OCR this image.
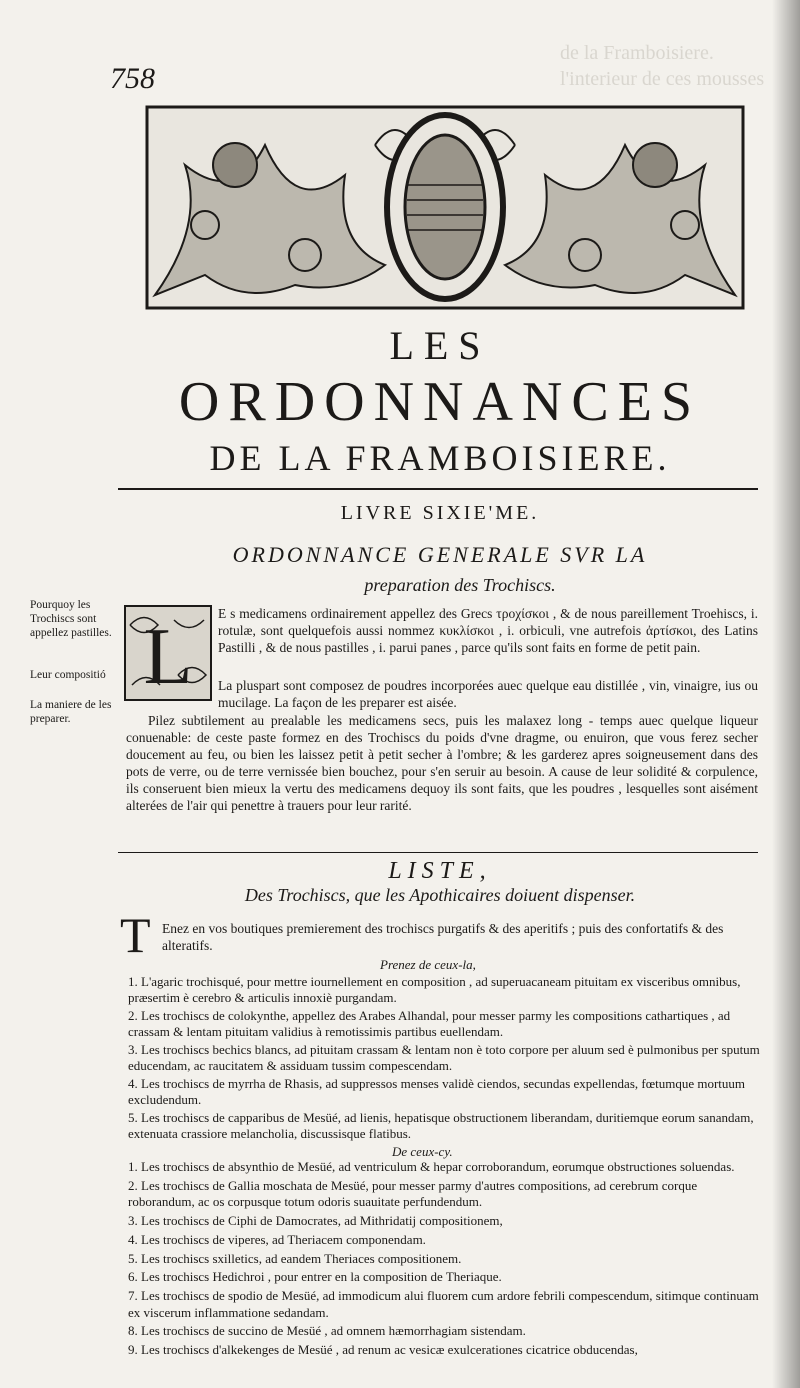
de la Framboisiere.
l'interieur de ces mousses
758
LES
ORDONNANCES
DE LA FRAMBOISIERE.
LIVRE SIXIE'ME.
ORDONNANCE GENERALE SVR LA
preparation des Trochiscs.
Pourquoy les Trochiscs sont appellez pastilles.
Leur compositió
La maniere de les preparer.
L E s medicamens ordinairement appellez des Grecs τροχίσκοι , & de nous pareillement Troehiscs, i. rotulæ, sont quelquefois aussi nommez κυκλίσκοι , i. orbiculi, vne autrefois ἀρτίσκοι, des Latins Pastilli , & de nous pastilles , i. parui panes , parce qu'ils sont faits en forme de petit pain.
La pluspart sont composez de poudres incorporées auec quelque eau distillée , vin, vinaigre, ius ou mucilage. La façon de les preparer est aisée.
Pilez subtilement au prealable les medicamens secs, puis les malaxez long - temps auec quelque liqueur conuenable: de ceste paste formez en des Trochiscs du poids d'vne dragme, ou enuiron, que vous ferez secher doucement au feu, ou bien les laissez petit à petit secher à l'ombre; & les garderez apres soigneusement dans des pots de verre, ou de terre vernissée bien bouchez, pour s'en seruir au besoin. A cause de leur solidité & corpulence, ils conseruent bien mieux la vertu des medicamens dequoy ils sont faits, que les poudres , lesquelles sont aisément alterées de l'air qui penettre à trauers pour leur rarité.
LISTE,
Des Trochiscs, que les Apothicaires doiuent dispenser.
T Enez en vos boutiques premierement des trochiscs purgatifs & des aperitifs ; puis des confortatifs & des alteratifs.
Prenez de ceux-la,
1. L'agaric trochisqué, pour mettre iournellement en composition , ad superuacaneam pituitam ex visceribus omnibus, præsertim è cerebro & articulis innoxiè purgandam.
2. Les trochiscs de colokynthe, appellez des Arabes Alhandal, pour messer parmy les compositions cathartiques , ad crassam & lentam pituitam validius à remotissimis partibus euellendam.
3. Les trochiscs bechics blancs, ad pituitam crassam & lentam non è toto corpore per aluum sed è pulmonibus per sputum educendam, ac raucitatem & assiduam tussim compescendam.
4. Les trochiscs de myrrha de Rhasis, ad suppressos menses validè ciendos, secundas expellendas, fœtumque mortuum excludendum.
5. Les trochiscs de capparibus de Mesüé, ad lienis, hepatisque obstructionem liberandam, duritiemque eorum sanandam, extenuata crassiore melancholia, discussisque flatibus.
De ceux-cy.
1. Les trochiscs de absynthio de Mesüé, ad ventriculum & hepar corroborandum, eorumque obstructiones soluendas.
2. Les trochiscs de Gallia moschata de Mesüé, pour messer parmy d'autres compositions, ad cerebrum corque roborandum, ac os corpusque totum odoris suauitate perfundendum.
3. Les trochiscs de Ciphi de Damocrates, ad Mithridatij compositionem,
4. Les trochiscs de viperes, ad Theriacem componendam.
5. Les trochiscs sxilletics, ad eandem Theriaces compositionem.
6. Les trochiscs Hedichroi , pour entrer en la composition de Theriaque.
7. Les trochiscs de spodio de Mesüé, ad immodicum alui fluorem cum ardore febrili compescendum, sitimque continuam ex viscerum inflammatione sedandam.
8. Les trochiscs de succino de Mesüé , ad omnem hæmorrhagiam sistendam.
9. Les trochiscs d'alkekenges de Mesüé , ad renum ac vesicæ exulcerationes cicatrice obducendas,
